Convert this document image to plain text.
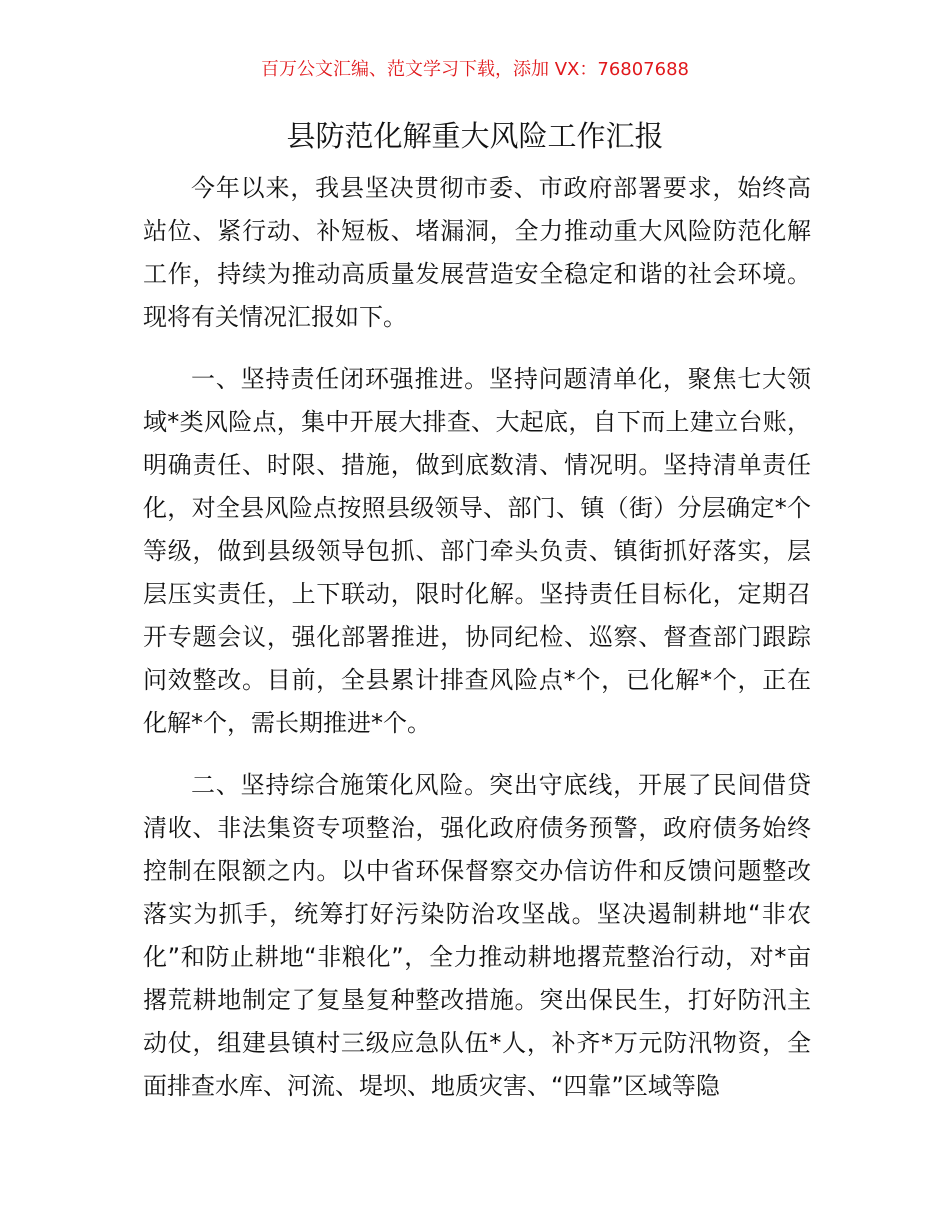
百万公文汇编、范文学习下载，添加 VX：76807688
县防范化解重大风险工作汇报

今年以来，我县坚决贯彻市委、市政府部署要求，始终高站位、紧行动、补短板、堵漏洞，全力推动重大风险防范化解工作，持续为推动高质量发展营造安全稳定和谐的社会环境。现将有关情况汇报如下。

一、坚持责任闭环强推进。坚持问题清单化，聚焦七大领域*类风险点，集中开展大排查、大起底，自下而上建立台账，明确责任、时限、措施，做到底数清、情况明。坚持清单责任化，对全县风险点按照县级领导、部门、镇（街）分层确定*个等级，做到县级领导包抓、部门牵头负责、镇街抓好落实，层层压实责任，上下联动，限时化解。坚持责任目标化，定期召开专题会议，强化部署推进，协同纪检、巡察、督查部门跟踪问效整改。目前，全县累计排查风险点*个，已化解*个，正在化解*个，需长期推进*个。

二、坚持综合施策化风险。突出守底线，开展了民间借贷清收、非法集资专项整治，强化政府债务预警，政府债务始终控制在限额之内。以中省环保督察交办信访件和反馈问题整改落实为抓手，统筹打好污染防治攻坚战。坚决遏制耕地“非农化”和防止耕地“非粮化”，全力推动耕地撂荒整治行动，对*亩撂荒耕地制定了复垦复种整改措施。突出保民生，打好防汛主动仗，组建县镇村三级应急队伍*人，补齐*万元防汛物资，全面排查水库、河流、堤坝、地质灾害、“四靠”区域等隐
